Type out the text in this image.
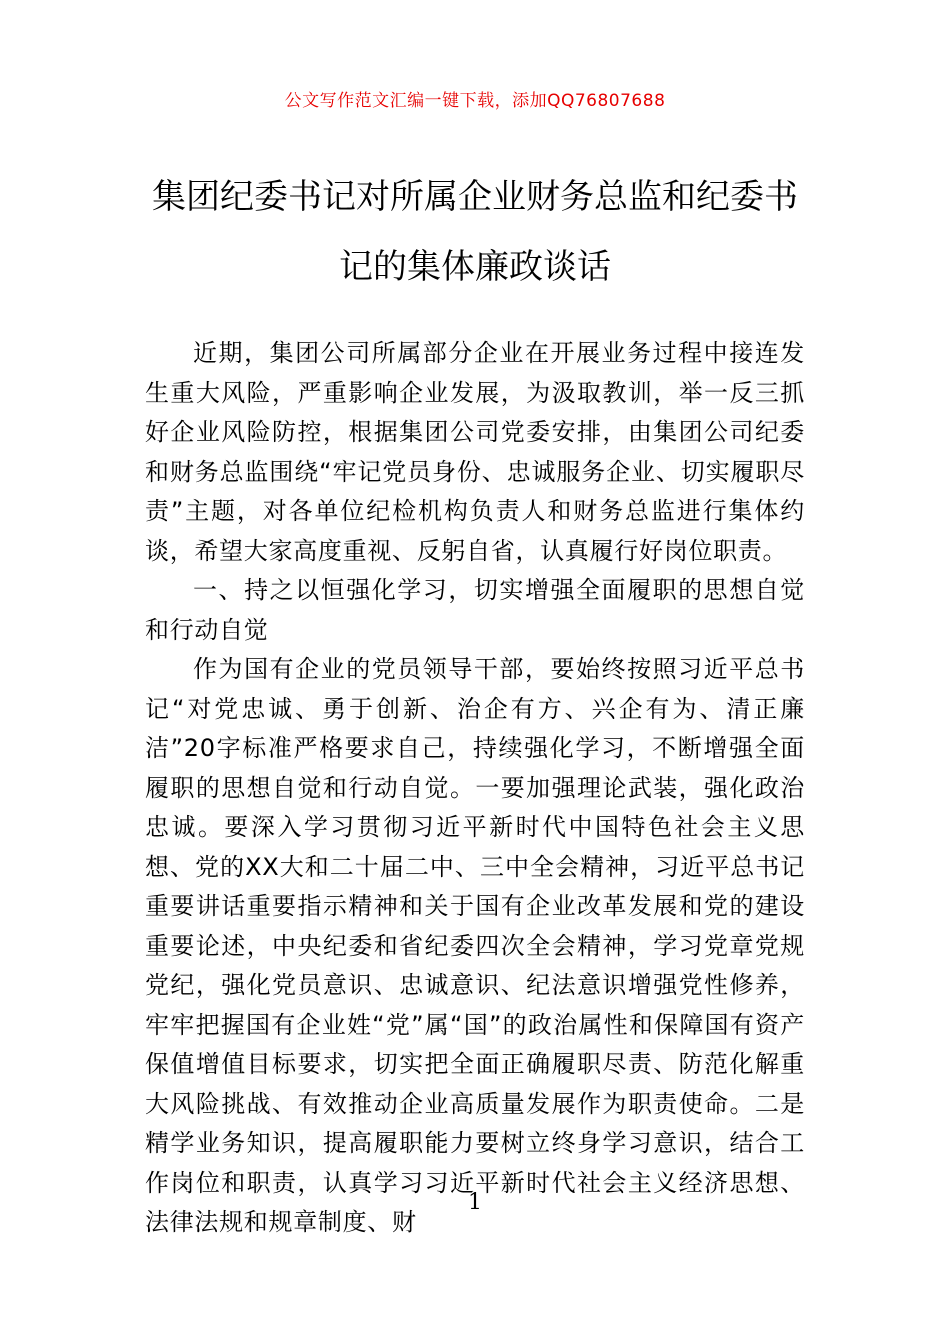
公文写作范文汇编一键下载，添加QQ76807688
集团纪委书记对所属企业财务总监和纪委书记的集体廉政谈话

近期，集团公司所属部分企业在开展业务过程中接连发生重大风险，严重影响企业发展，为汲取教训，举一反三抓好企业风险防控，根据集团公司党委安排，由集团公司纪委和财务总监围绕“牢记党员身份、忠诚服务企业、切实履职尽责”主题，对各单位纪检机构负责人和财务总监进行集体约谈，希望大家高度重视、反躬自省，认真履行好岗位职责。

一、持之以恒强化学习，切实增强全面履职的思想自觉和行动自觉

作为国有企业的党员领导干部，要始终按照习近平总书记“对党忠诚、勇于创新、治企有方、兴企有为、清正廉洁”20字标准严格要求自己，持续强化学习，不断增强全面履职的思想自觉和行动自觉。一要加强理论武装，强化政治忠诚。要深入学习贯彻习近平新时代中国特色社会主义思想、党的XX大和二十届二中、三中全会精神，习近平总书记重要讲话重要指示精神和关于国有企业改革发展和党的建设重要论述，中央纪委和省纪委四次全会精神，学习党章党规党纪，强化党员意识、忠诚意识、纪法意识增强党性修养，牢牢把握国有企业姓“党”属“国”的政治属性和保障国有资产保值增值目标要求，切实把全面正确履职尽责、防范化解重大风险挑战、有效推动企业高质量发展作为职责使命。二是精学业务知识，提高履职能力要树立终身学习意识，结合工作岗位和职责，认真学习习近平新时代社会主义经济思想、法律法规和规章制度、财

1
